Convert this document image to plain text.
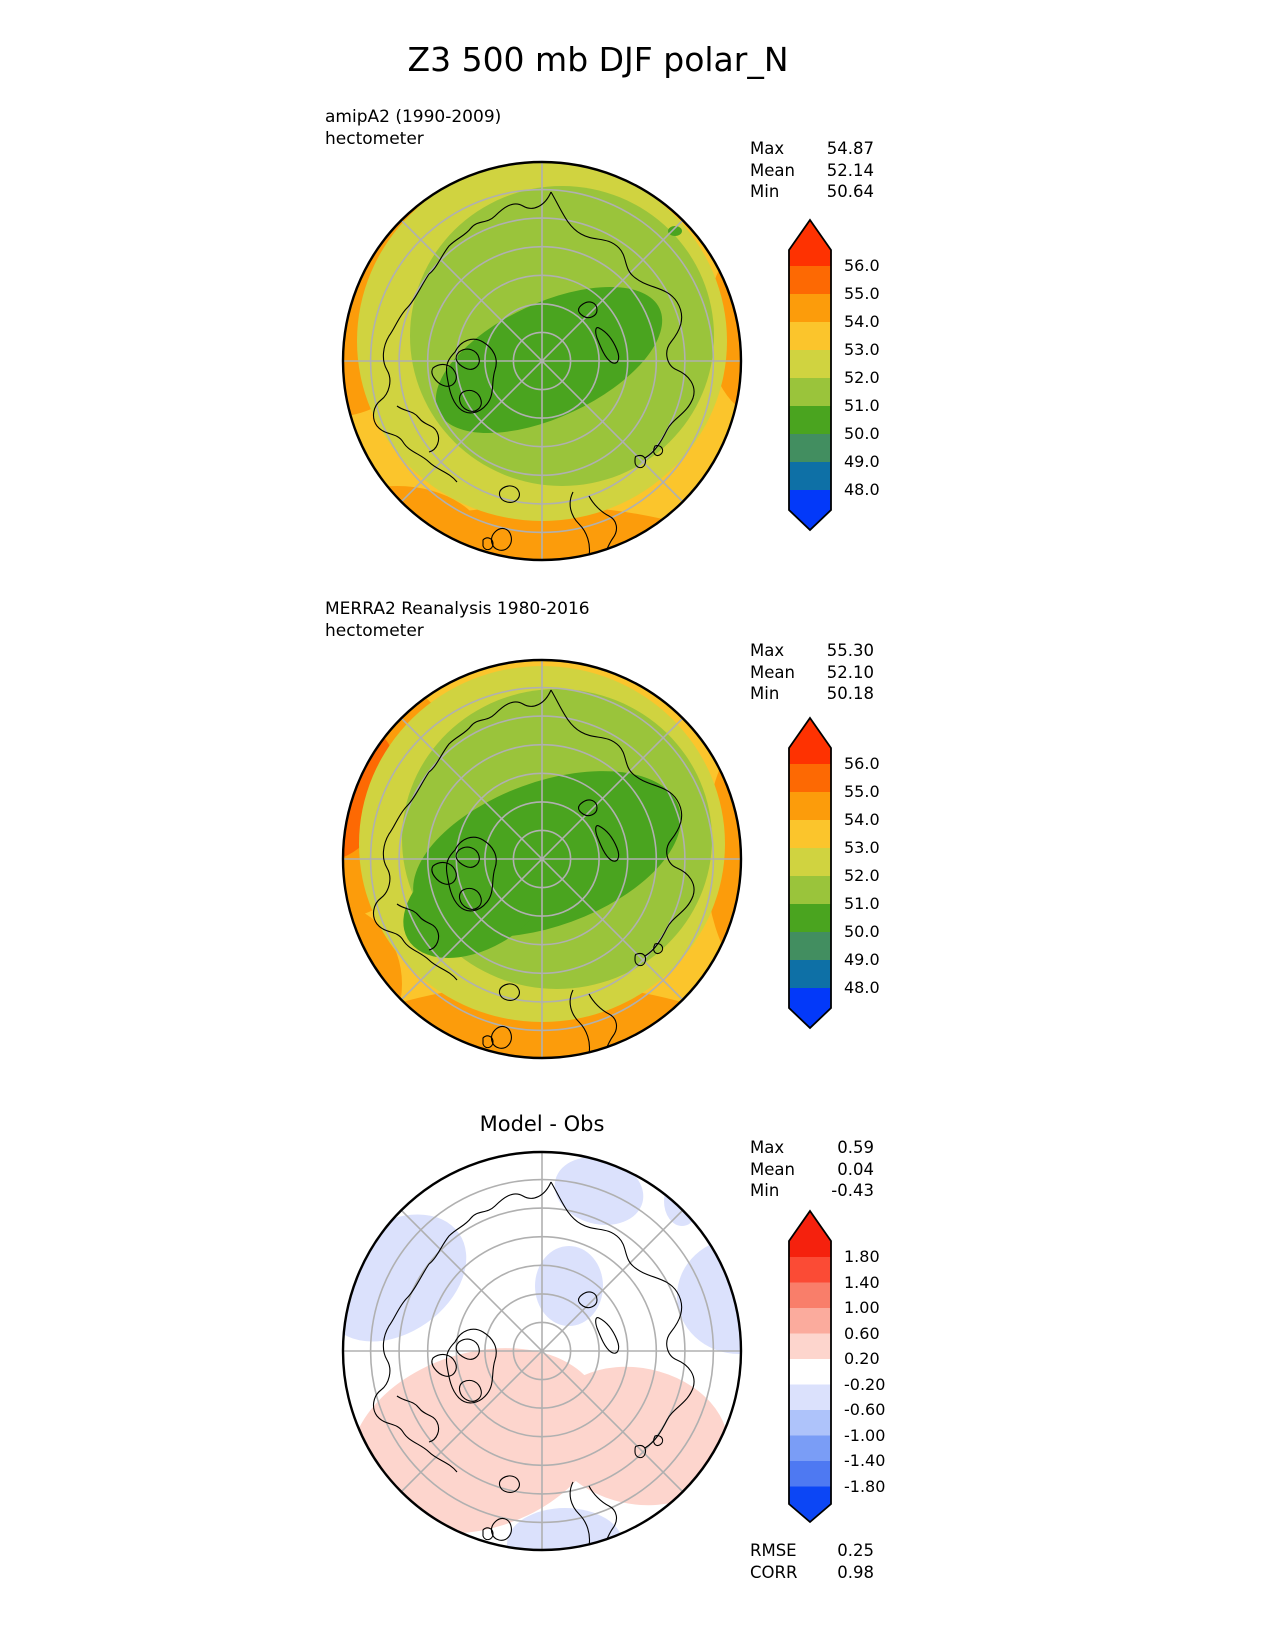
Z3 500 mb DJF polar_N
amipA2 (1990-2009)
hectometer	Max	54.87
Mean	52.14
Min	50.64
56.0
55.0
54.0
53.0
52.0
51.0
50.0
49.0
48.0
MERRA2 Reanalysis 1980-2016
hectometer
Max	55.30
Mean	52.10
Min	50.18
56.0
55.0
54.0
53.0
52.0
51.0
50.0
49.0
48.0
Model - Obs
Max	0.59
Mean	0.04
Min	-0.43
1.80
1.40
1.00
0.60
0.20
-0.20
-0.60
-1.00
-1.40
-1.80
RMSE	0.25
CORR	0.98
